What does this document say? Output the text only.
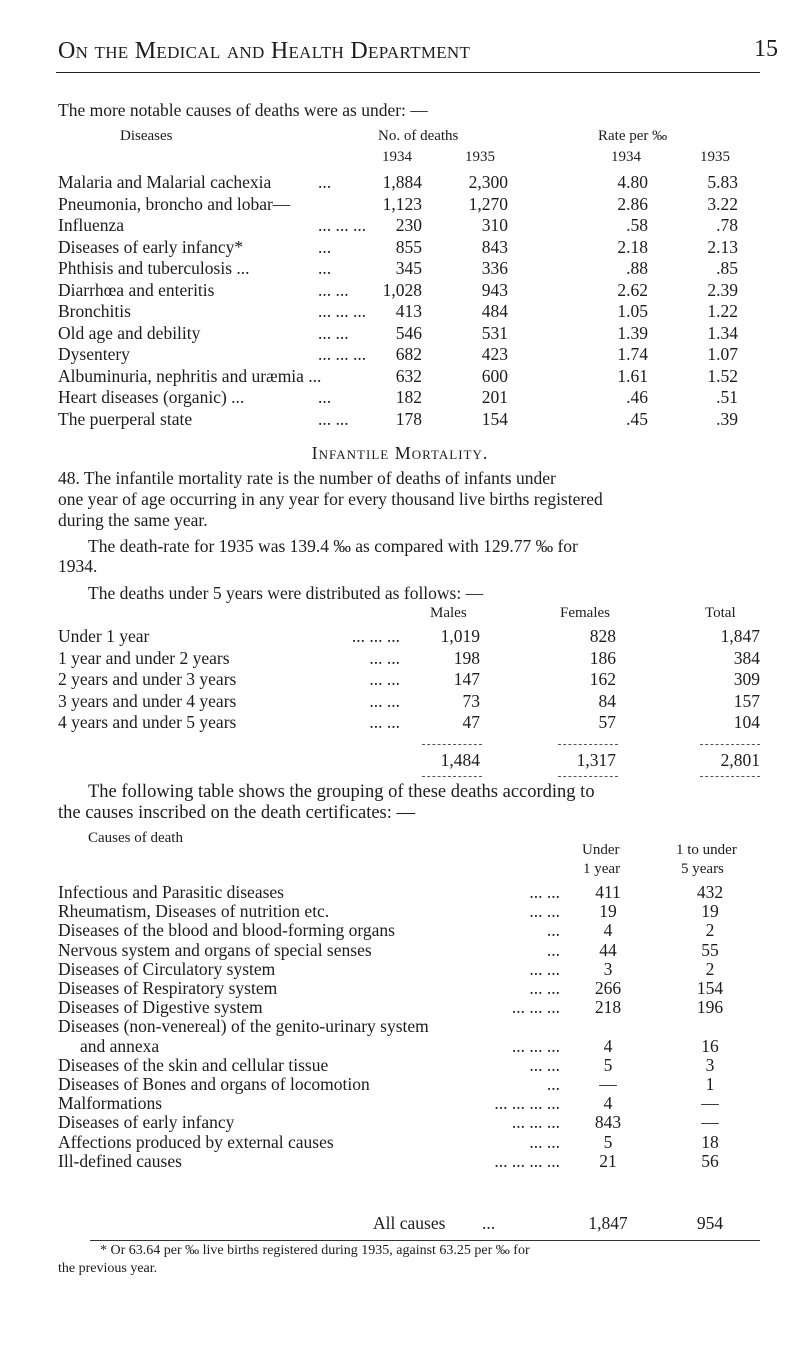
On the Medical and Health Department	15
The more notable causes of deaths were as under: —
Diseases	No. of deaths	Rate per ‰
1934	1935	1934	1935
Malaria and Malarial cachexia	...	1,884	2,300	4.80	5.83
Pneumonia, broncho and lobar—	1,123	1,270	2.86	3.22
Influenza	... ... ...	230	310	.58	.78
Diseases of early infancy*	...	855	843	2.18	2.13
Phthisis and tuberculosis ...	...	345	336	.88	.85
Diarrhœa and enteritis	... ...	1,028	943	2.62	2.39
Bronchitis	... ... ...	413	484	1.05	1.22
Old age and debility	... ...	546	531	1.39	1.34
Dysentery	... ... ...	682	423	1.74	1.07
Albuminuria, nephritis and uræmia ...	632	600	1.61	1.52
Heart diseases (organic) ...	...	182	201	.46	.51
The puerperal state	... ...	178	154	.45	.39
Infantile Mortality.
48. The infantile mortality rate is the number of deaths of infants under
one year of age occurring in any year for every thousand live births registered
during the same year.
The death-rate for 1935 was 139.4 ‰ as compared with 129.77 ‰ for
1934.
The deaths under 5 years were distributed as follows: —
Males	Females	Total
Under 1 year	... ... ...	1,019	828	1,847
1 year and under 2 years	... ...	198	186	384
2 years and under 3 years	... ...	147	162	309
3 years and under 4 years	... ...	73	84	157
4 years and under 5 years	... ...	47	57	104
1,484	1,317	2,801
The following table shows the grouping of these deaths according to
the causes inscribed on the death certificates: —
Causes of death
Under
1 year
1 to under
5 years
Infectious and Parasitic diseases	... ...	411	432
Rheumatism, Diseases of nutrition etc.	... ...	19	19
Diseases of the blood and blood-forming organs	...	4	2
Nervous system and organs of special senses	...	44	55
Diseases of Circulatory system	... ...	3	2
Diseases of Respiratory system	... ...	266	154
Diseases of Digestive system	... ... ...	218	196
Diseases (non-venereal) of the genito-urinary system
and annexa	... ... ...	4	16
Diseases of the skin and cellular tissue	... ...	5	3
Diseases of Bones and organs of locomotion	...	—	1
Malformations	... ... ... ...	4	—
Diseases of early infancy	... ... ...	843	—
Affections produced by external causes	... ...	5	18
Ill-defined causes	... ... ... ...	21	56
All causes ...	1,847	954
* Or 63.64 per ‰ live births registered during 1935, against 63.25 per ‰ for
the previous year.
